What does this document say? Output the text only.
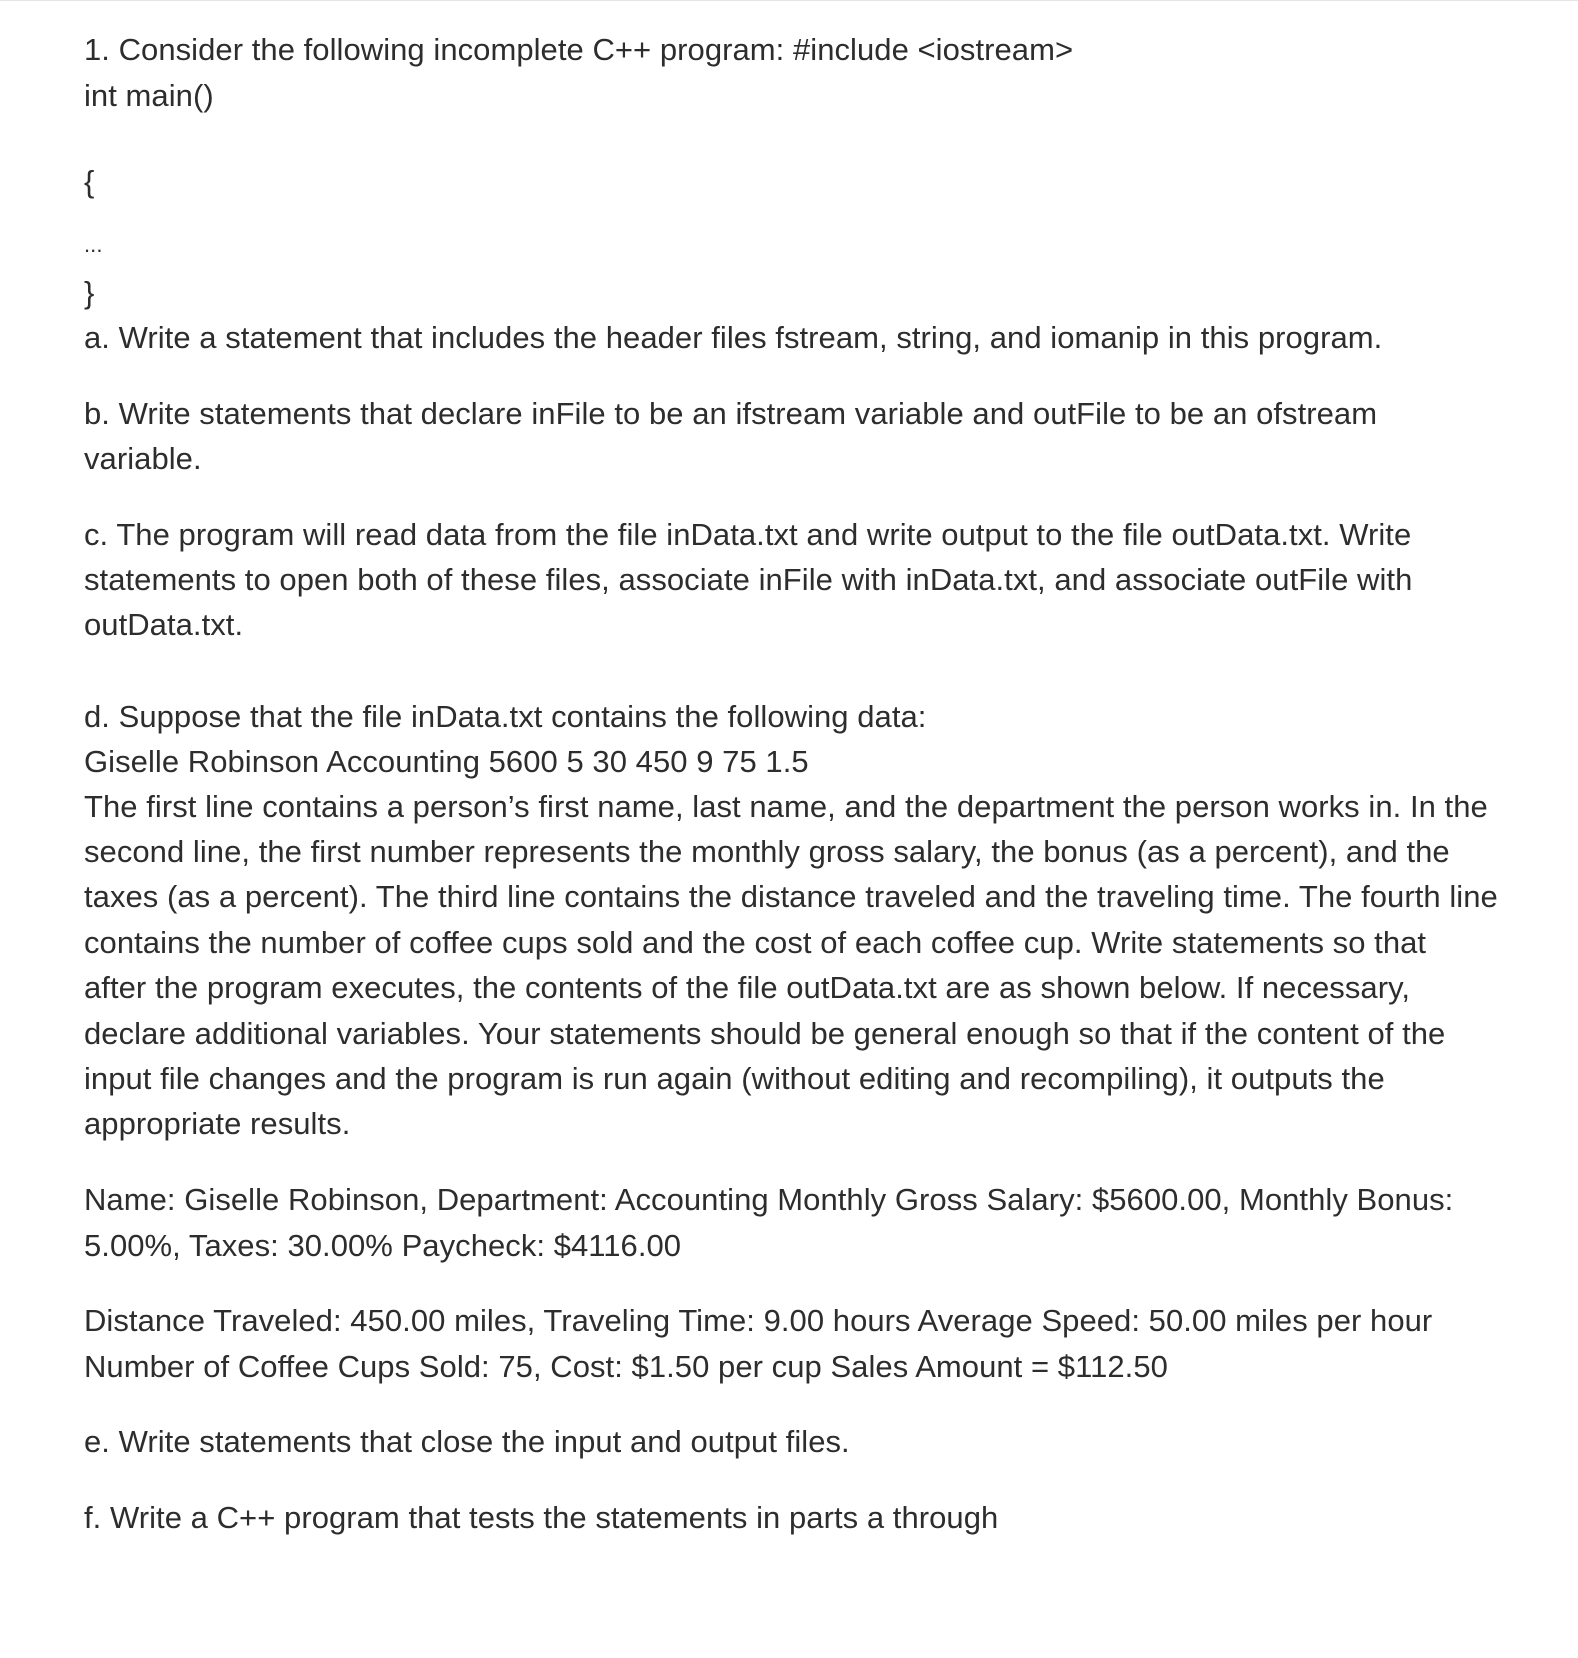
1. Consider the following incomplete C++ program: #include <iostream>
int main()
{
...
}
a. Write a statement that includes the header files fstream, string, and iomanip in this program.
b. Write statements that declare inFile to be an ifstream variable and outFile to be an ofstream
variable.
c. The program will read data from the file inData.txt and write output to the file outData.txt. Write
statements to open both of these files, associate inFile with inData.txt, and associate outFile with
outData.txt.
d. Suppose that the file inData.txt contains the following data:
Giselle Robinson Accounting 5600 5 30 450 9 75 1.5
The first line contains a person’s first name, last name, and the department the person works in. In the
second line, the first number represents the monthly gross salary, the bonus (as a percent), and the
taxes (as a percent). The third line contains the distance traveled and the traveling time. The fourth line
contains the number of coffee cups sold and the cost of each coffee cup. Write statements so that
after the program executes, the contents of the file outData.txt are as shown below. If necessary,
declare additional variables. Your statements should be general enough so that if the content of the
input file changes and the program is run again (without editing and recompiling), it outputs the
appropriate results.
Name: Giselle Robinson, Department: Accounting Monthly Gross Salary: $5600.00, Monthly Bonus:
5.00%, Taxes: 30.00% Paycheck: $4116.00
Distance Traveled: 450.00 miles, Traveling Time: 9.00 hours Average Speed: 50.00 miles per hour
Number of Coffee Cups Sold: 75, Cost: $1.50 per cup Sales Amount = $112.50
e. Write statements that close the input and output files.
f. Write a C++ program that tests the statements in parts a through
